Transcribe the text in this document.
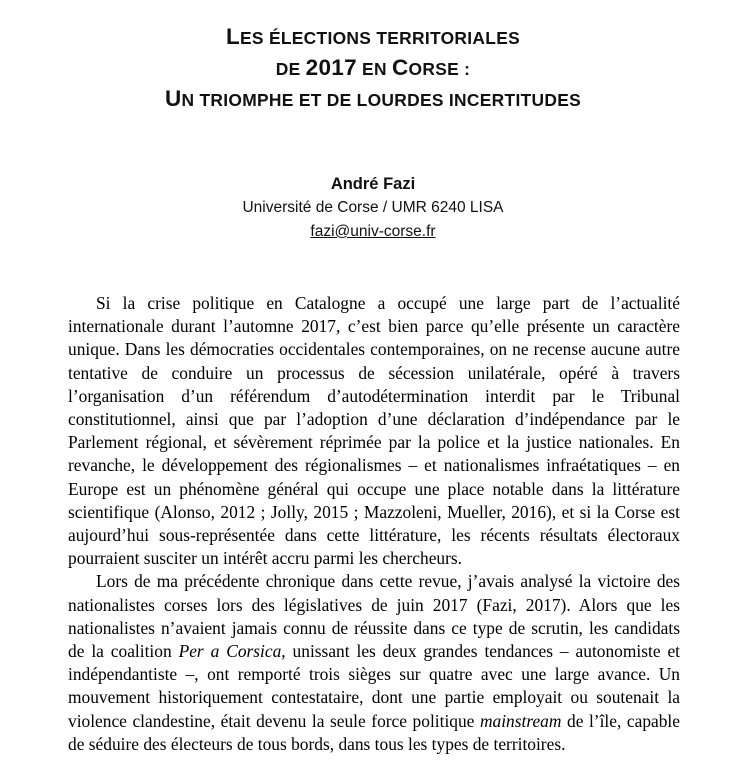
LES ÉLECTIONS TERRITORIALES
DE 2017 EN CORSE :
UN TRIOMPHE ET DE LOURDES INCERTITUDES
André Fazi
Université de Corse / UMR 6240 LISA
fazi@univ-corse.fr

Si la crise politique en Catalogne a occupé une large part de l’actualité internationale durant l’automne 2017, c’est bien parce qu’elle présente un caractère unique. Dans les démocraties occidentales contemporaines, on ne recense aucune autre tentative de conduire un processus de sécession unilatérale, opéré à travers l’organisation d’un référendum d’autodétermination interdit par le Tribunal constitutionnel, ainsi que par l’adoption d’une déclaration d’indépendance par le Parlement régional, et sévèrement réprimée par la police et la justice nationales. En revanche, le développement des régionalismes – et nationalismes infraétatiques – en Europe est un phénomène général qui occupe une place notable dans la littérature scientifique (Alonso, 2012 ; Jolly, 2015 ; Mazzoleni, Mueller, 2016), et si la Corse est aujourd’hui sous-représentée dans cette littérature, les récents résultats électoraux pourraient susciter un intérêt accru parmi les chercheurs.

Lors de ma précédente chronique dans cette revue, j’avais analysé la victoire des nationalistes corses lors des législatives de juin 2017 (Fazi, 2017). Alors que les nationalistes n’avaient jamais connu de réussite dans ce type de scrutin, les candidats de la coalition Per a Corsica, unissant les deux grandes tendances – autonomiste et indépendantiste –, ont remporté trois sièges sur quatre avec une large avance. Un mouvement historiquement contestataire, dont une partie employait ou soutenait la violence clandestine, était devenu la seule force politique mainstream de l’île, capable de séduire des électeurs de tous bords, dans tous les types de territoires.
